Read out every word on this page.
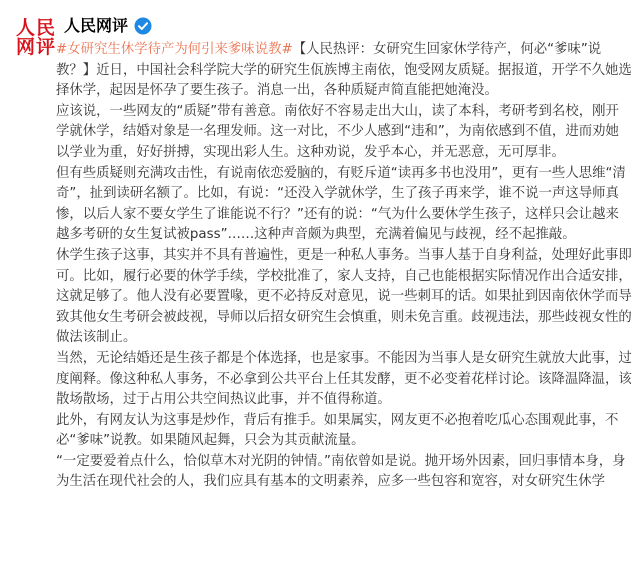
人民
网评
人民网评

#女研究生休学待产为何引来爹味说教#【人民热评：女研究生回家休学待产，何必“爹味”说教？】近日，中国社会科学院大学的研究生佤族博主南依，饱受网友质疑。据报道，开学不久她选择休学，起因是怀孕了要生孩子。消息一出，各种质疑声简直能把她淹没。

应该说，一些网友的“质疑”带有善意。南依好不容易走出大山，读了本科，考研考到名校，刚开学就休学，结婚对象是一名理发师。这一对比，不少人感到“违和”，为南依感到不值，进而劝她以学业为重，好好拼搏，实现出彩人生。这种劝说，发乎本心，并无恶意，无可厚非。

但有些质疑则充满攻击性，有说南依恋爱脑的，有贬斥道“读再多书也没用”，更有一些人思维“清奇”，扯到读研名额了。比如，有说：“还没入学就休学，生了孩子再来学，谁不说一声这导师真惨，以后人家不要女学生了谁能说不行？”还有的说：“气为什么要休学生孩子，这样只会让越来越多考研的女生复试被pass”……这种声音颇为典型，充满着偏见与歧视，经不起推敲。

休学生孩子这事，其实并不具有普遍性，更是一种私人事务。当事人基于自身利益，处理好此事即可。比如，履行必要的休学手续，学校批准了，家人支持，自己也能根据实际情况作出合适安排，这就足够了。他人没有必要置喙，更不必持反对意见，说一些刺耳的话。如果扯到因南依休学而导致其他女生考研会被歧视，导师以后招女研究生会慎重，则未免言重。歧视违法，那些歧视女性的做法该制止。

当然，无论结婚还是生孩子都是个体选择，也是家事。不能因为当事人是女研究生就放大此事，过度阐释。像这种私人事务，不必拿到公共平台上任其发酵，更不必变着花样讨论。该降温降温，该散场散场，过于占用公共空间热议此事，并不值得称道。

此外，有网友认为这事是炒作，背后有推手。如果属实，网友更不必抱着吃瓜心态围观此事，不必“爹味”说教。如果随风起舞，只会为其贡献流量。

“一定要爱着点什么，恰似草木对光阴的钟情。”南依曾如是说。抛开场外因素，回归事情本身，身为生活在现代社会的人，我们应具有基本的文明素养，应多一些包容和宽容，对女研究生休学
